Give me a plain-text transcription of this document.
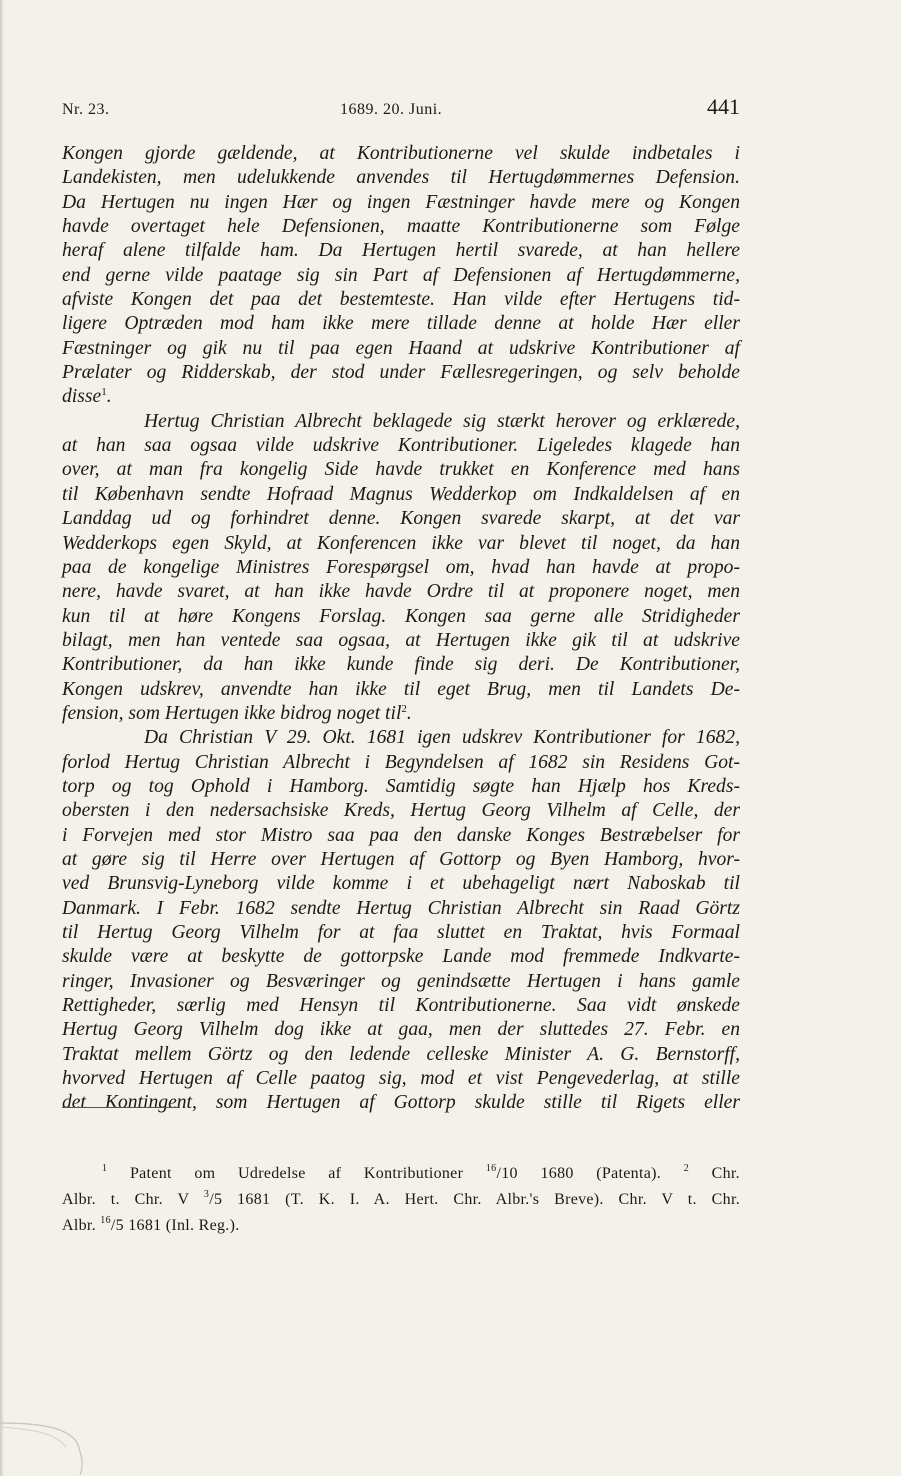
Nr. 23.	1689. 20. Juni.	441
Kongen gjorde gældende, at Kontributionerne vel skulde indbetales i
Landekisten, men udelukkende anvendes til Hertugdømmernes Defension.
Da Hertugen nu ingen Hær og ingen Fæstninger havde mere og Kongen
havde overtaget hele Defensionen, maatte Kontributionerne som Følge
heraf alene tilfalde ham. Da Hertugen hertil svarede, at han hellere
end gerne vilde paatage sig sin Part af Defensionen af Hertugdømmerne,
afviste Kongen det paa det bestemteste. Han vilde efter Hertugens tid-
ligere Optræden mod ham ikke mere tillade denne at holde Hær eller
Fæstninger og gik nu til paa egen Haand at udskrive Kontributioner af
Prælater og Ridderskab, der stod under Fællesregeringen, og selv beholde
disse$^1$.
Hertug Christian Albrecht beklagede sig stærkt herover og erklærede,
at han saa ogsaa vilde udskrive Kontributioner. Ligeledes klagede han
over, at man fra kongelig Side havde trukket en Konference med hans
til København sendte Hofraad Magnus Wedderkop om Indkaldelsen af en
Landdag ud og forhindret denne. Kongen svarede skarpt, at det var
Wedderkops egen Skyld, at Konferencen ikke var blevet til noget, da han
paa de kongelige Ministres Forespørgsel om, hvad han havde at propo-
nere, havde svaret, at han ikke havde Ordre til at proponere noget, men
kun til at høre Kongens Forslag. Kongen saa gerne alle Stridigheder
bilagt, men han ventede saa ogsaa, at Hertugen ikke gik til at udskrive
Kontributioner, da han ikke kunde finde sig deri. De Kontributioner,
Kongen udskrev, anvendte han ikke til eget Brug, men til Landets De-
fension, som Hertugen ikke bidrog noget til$^2$.
Da Christian V 29. Okt. 1681 igen udskrev Kontributioner for 1682,
forlod Hertug Christian Albrecht i Begyndelsen af 1682 sin Residens Got-
torp og tog Ophold i Hamborg. Samtidig søgte han Hjælp hos Kreds-
obersten i den nedersachsiske Kreds, Hertug Georg Vilhelm af Celle, der
i Forvejen med stor Mistro saa paa den danske Konges Bestræbelser for
at gøre sig til Herre over Hertugen af Gottorp og Byen Hamborg, hvor-
ved Brunsvig-Lyneborg vilde komme i et ubehageligt nært Naboskab til
Danmark. I Febr. 1682 sendte Hertug Christian Albrecht sin Raad Görtz
til Hertug Georg Vilhelm for at faa sluttet en Traktat, hvis Formaal
skulde være at beskytte de gottorpske Lande mod fremmede Indkvarte-
ringer, Invasioner og Besværinger og genindsætte Hertugen i hans gamle
Rettigheder, særlig med Hensyn til Kontributionerne. Saa vidt ønskede
Hertug Georg Vilhelm dog ikke at gaa, men der sluttedes 27. Febr. en
Traktat mellem Görtz og den ledende celleske Minister A. G. Bernstorff,
hvorved Hertugen af Celle paatog sig, mod et vist Pengevederlag, at stille
det Kontingent, som Hertugen af Gottorp skulde stille til Rigets eller
$^1$ Patent om Udredelse af Kontributioner $^{16}$/10 1680 (Patenta). $^2$ Chr.
Albr. t. Chr. V $^3$/5 1681 (T. K. I. A. Hert. Chr. Albr.'s Breve). Chr. V t. Chr.
Albr. $^{16}$/5 1681 (Inl. Reg.).
